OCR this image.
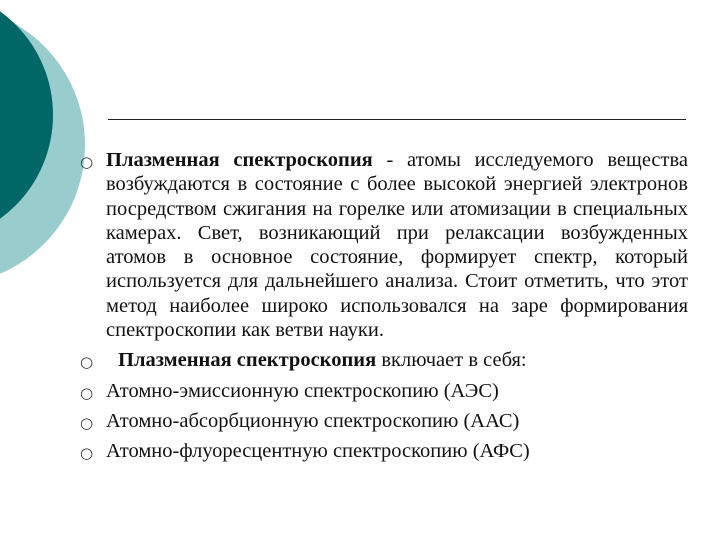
○ Плазменная спектроскопия - атомы исследуемого вещества возбуждаются в состояние с более высокой энергией электронов посредством сжигания на горелке или атомизации в специальных камерах. Свет, возникающий при релаксации возбужденных атомов в основное состояние, формирует спектр, который используется для дальнейшего анализа. Стоит отметить, что этот метод наиболее широко использовался на заре формирования спектроскопии как ветви науки.
○ Плазменная спектроскопия включает в себя:
○ Атомно-эмиссионную спектроскопию (АЭС)
○ Атомно-абсорбционную спектроскопию (ААС)
○ Атомно-флуоресцентную спектроскопию (АФС)
